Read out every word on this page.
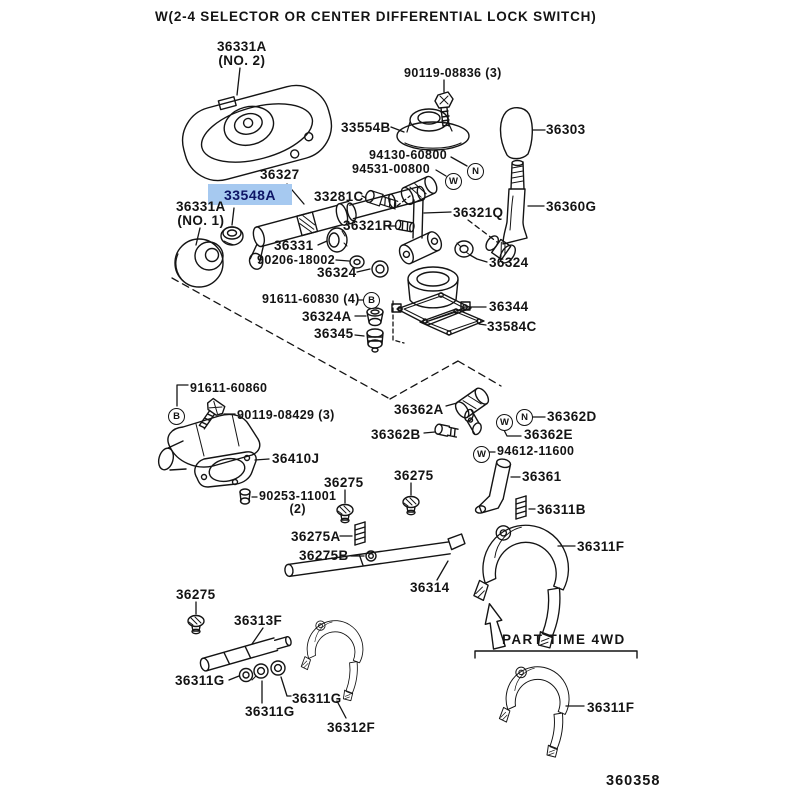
W(2-4 SELECTOR OR CENTER DIFFERENTIAL LOCK SWITCH)
360358
36331A
(NO. 2)
90119-08836 (3)
33554B	36303
94130-60800
94531-00800
36327
33281C
33548A
36331A
(NO. 1)
36321Q	36360G
36321R
36331
90206-18002
36324
36324
91611-60830 (4)	36344
36324A
33584C
36345
91611-60860
90119-08429 (3)	36362A	36362D
36362E
36362B
94612-11600
36410J
36361
36275 36275
90253-11001
(2)	36311B
36275A
36311F
36275B
36314
36275
36313F
36311G
36311G
36311G
36312F
PART TIME 4WD
36311F
N
W
B
B
W	N
W
